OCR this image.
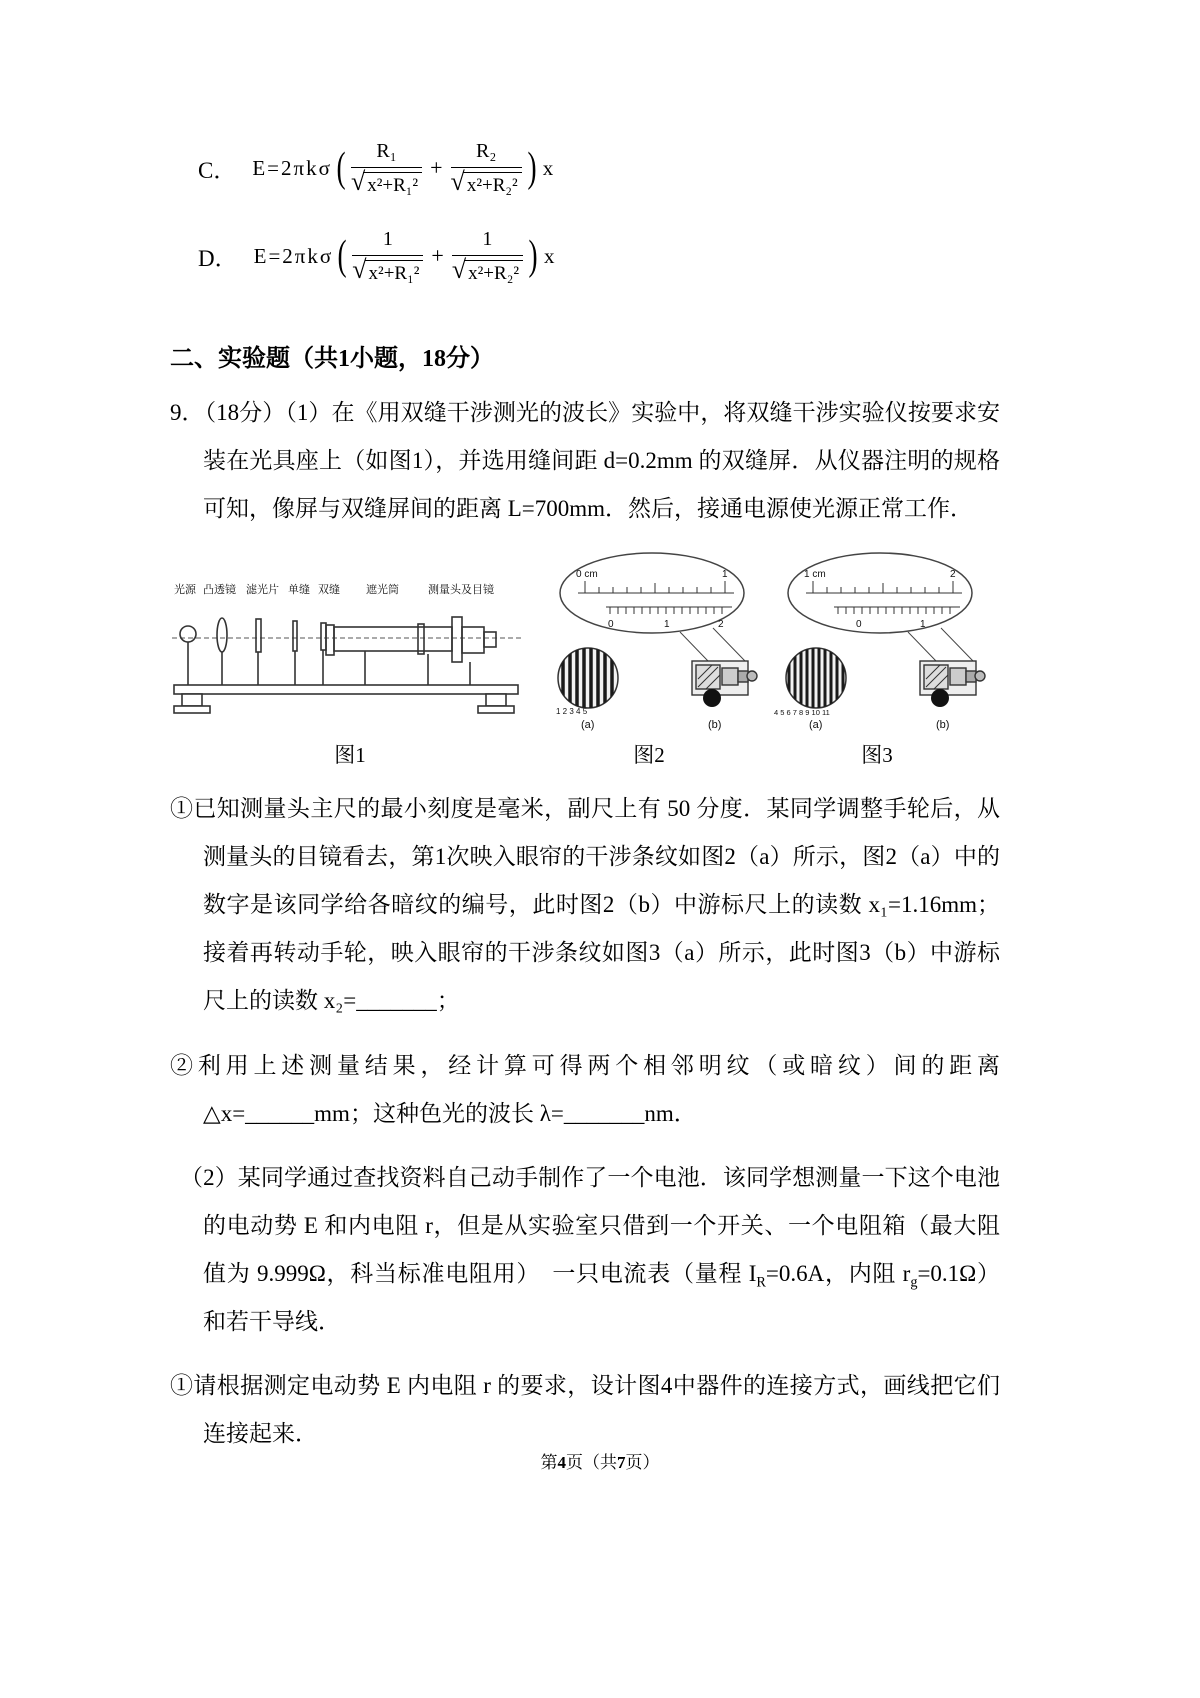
C． E=2πkσ ( $\frac{\text{R₁}}{\text{√ x²+R₁²}} + \frac{\text{R₂}}{\text{√ x²+R₂²}}$ ) x
D． E=2πkσ ( $\frac{1}{\text{√ x²+R₁²}} + \frac{1}{\text{√ x²+R₂²}}$ ) x
二、实验题（共1小题，18分）

9．（18分）（1）在《用双缝干涉测光的波长》实验中，将双缝干涉实验仪按要求安装在光具座上（如图1），并选用缝间距 d=0.2mm 的双缝屏．从仪器注明的规格可知，像屏与双缝屏间的距离 L=700mm．然后，接通电源使光源正常工作．

光源 凸透镜 滤光片 单缝 双缝 遮光筒	测量头及目镜
图1
0 cm	1
0	1	2
1 2 3 4 5
(a)	(b)
图2
1 cm	2
0	1
4 5 6 7 8 9 10 11
(a)	(b)
图3

①已知测量头主尺的最小刻度是毫米，副尺上有 50 分度．某同学调整手轮后，从测量头的目镜看去，第1次映入眼帘的干涉条纹如图2（a）所示，图2（a）中的数字是该同学给各暗纹的编号，此时图2（b）中游标尺上的读数 x₁=1.16mm；接着再转动手轮，映入眼帘的干涉条纹如图3（a）所示，此时图3（b）中游标尺上的读数 x₂=_______；

②利用上述测量结果，经计算可得两个相邻明纹（或暗纹）间的距离△x=______mm；这种色光的波长 λ=_______nm．

（2）某同学通过查找资料自己动手制作了一个电池．该同学想测量一下这个电池的电动势 E 和内电阻 r，但是从实验室只借到一个开关、一个电阻箱（最大阻值为 9.999Ω，科当标准电阻用）　一只电流表（量程 $I_R=0.6A$，内阻 $r_g=0.1\Omega$）和若干导线．

①请根据测定电动势 E 内电阻 r 的要求，设计图4中器件的连接方式，画线把它们连接起来．

第4页（共7页）
